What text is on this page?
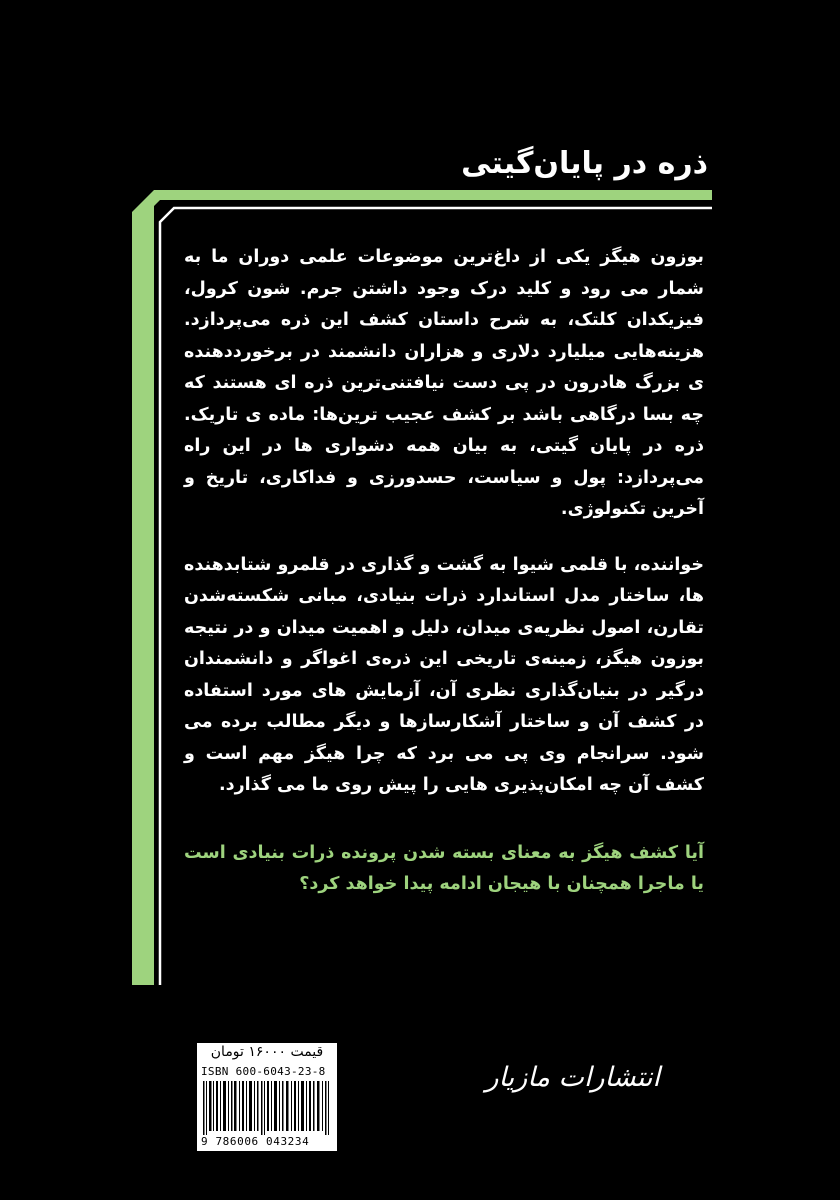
ذره در پایان‌گیتی

بوزون هیگز یکی از داغ‌ترین موضوعات علمی دوران ما به شمار می رود و کلید درک وجود داشتن جرم. شون کرول، فیزیکدان کلتک، به شرح داستان کشف این ذره می‌پردازد. هزینه‌هایی میلیارد دلاری و هزاران دانشمند در برخورددهنده ی بزرگ هادرون در پی دست نیافتنی‌ترین ذره ای هستند که چه بسا درگاهی باشد بر کشف عجیب ترین‌ها: ماده ی تاریک. ذره در پایان گیتی، به بیان همه دشواری ها در این راه می‌پردازد: پول و سیاست، حسدورزی و فداکاری، تاریخ و آخرین تکنولوژی.

خواننده، با قلمی شیوا به گشت و گذاری در قلمرو شتابدهنده ها، ساختار مدل استاندارد ذرات بنیادی، مبانی شکسته‌شدن تقارن، اصول نظریه‌ی میدان، دلیل و اهمیت میدان و در نتیجه بوزون هیگز، زمینه‌ی تاریخی این ذره‌ی اغواگر و دانشمندان درگیر در بنیان‌گذاری نظری آن، آزمایش های مورد استفاده در کشف آن و ساختار آشکارسازها و دیگر مطالب برده می شود. سرانجام وی پی می برد که چرا هیگز مهم است و کشف آن چه امکان‌پذیری هایی را پیش روی ما می گذارد.

آیا کشف هیگز به معنای بسته شدن پرونده ذرات بنیادی است یا ماجرا همچنان با هیجان ادامه پیدا خواهد کرد؟

قیمت ۱۶۰۰۰ تومان
ISBN 600-6043-23-8
9 786006 043234
انتشارات مازیار
